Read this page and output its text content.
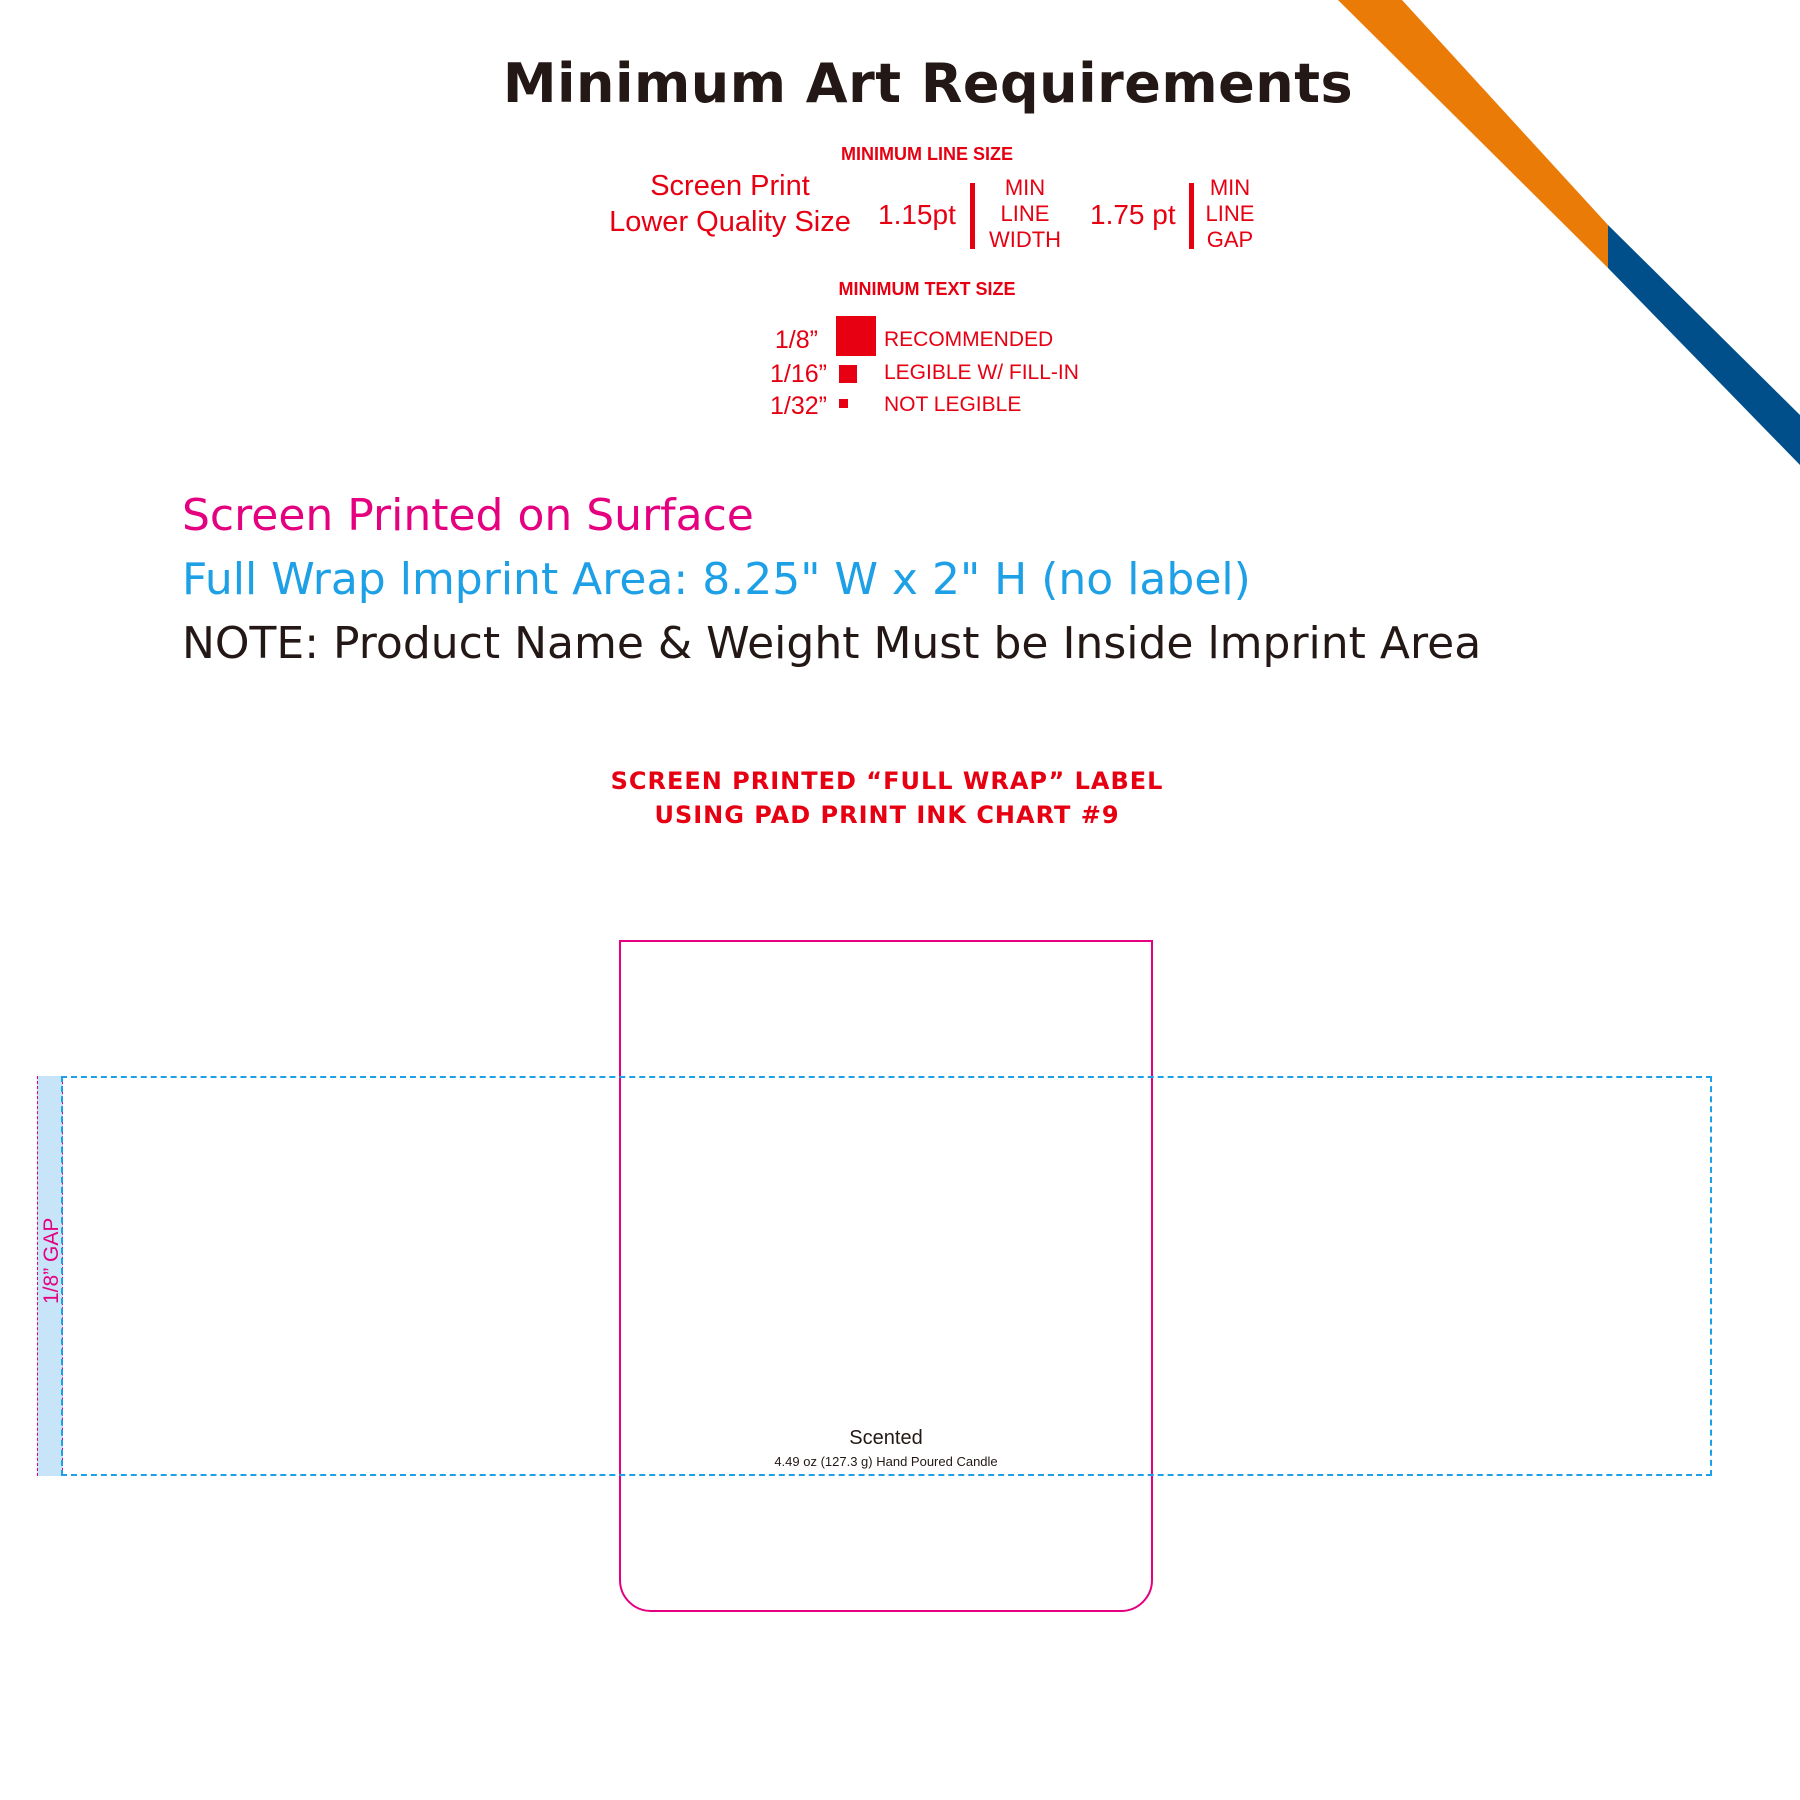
Minimum Art Requirements
MINIMUM LINE SIZE
Screen Print
Lower Quality Size 1.15pt
MIN
LINE
WIDTH
1.75 pt
MIN
LINE
GAP
MINIMUM TEXT SIZE
1/8”	RECOMMENDED
1/16”	LEGIBLE W/ FILL-IN
1/32”	NOT LEGIBLE
Screen Printed on Surface
Full Wrap lmprint Area: 8.25" W x 2" H (no label)
NOTE: Product Name & Weight Must be Inside lmprint Area
SCREEN PRINTED “FULL WRAP” LABEL
USING PAD PRINT INK CHART #9
1/8” GAP
Scented
4.49 oz (127.3 g) Hand Poured Candle
